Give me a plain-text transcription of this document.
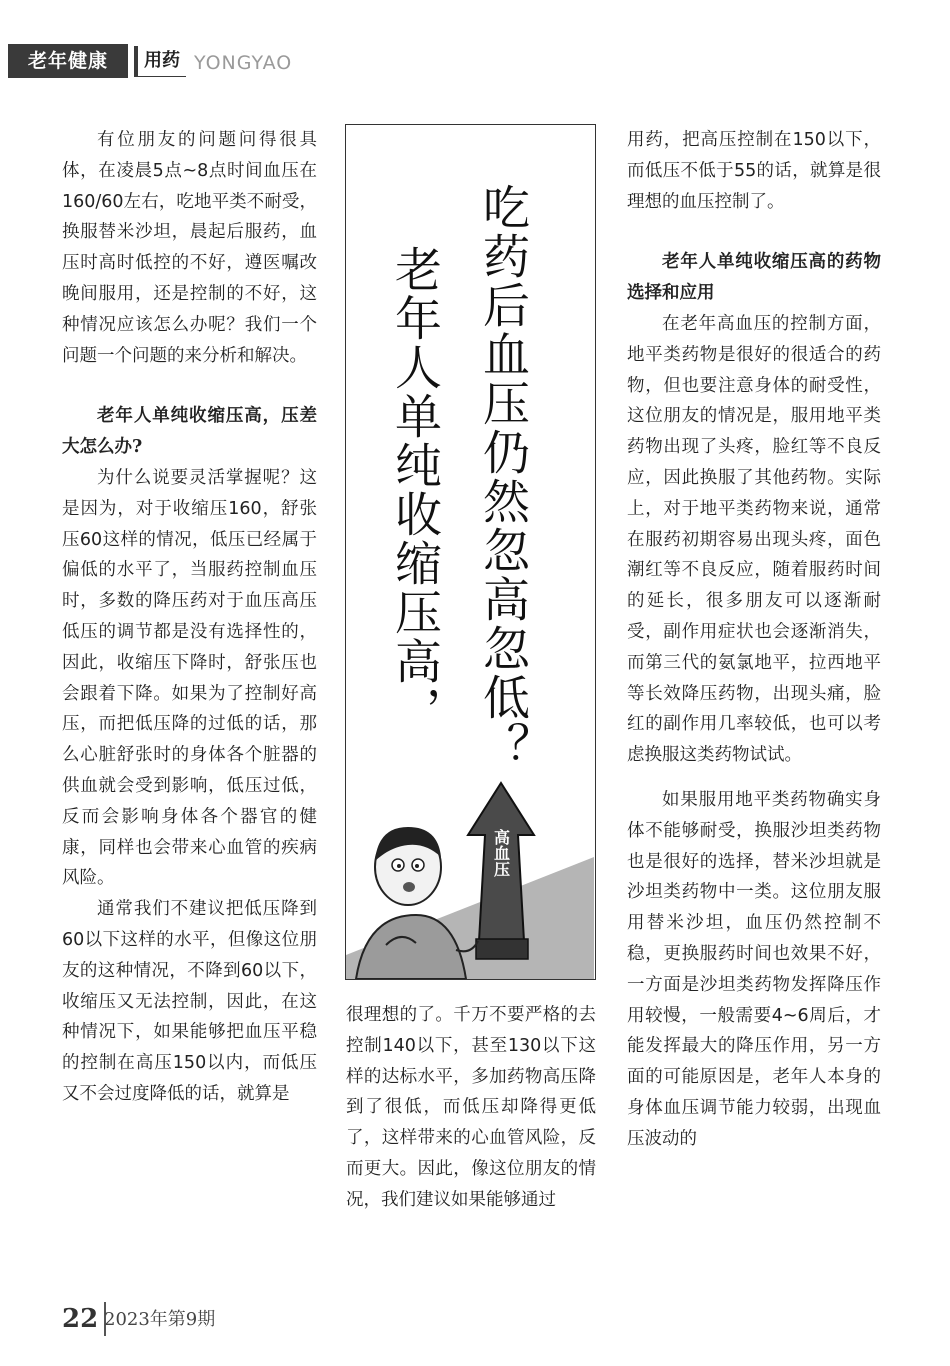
老年健康	用药 YONGYAO

有位朋友的问题问得很具体，在凌晨5点~8点时间血压在160/60左右，吃地平类不耐受，换服替米沙坦，晨起后服药，血压时高时低控的不好，遵医嘱改晚间服用，还是控制的不好，这种情况应该怎么办呢？我们一个问题一个问题的来分析和解决。

老年人单纯收缩压高，压差大怎么办?

为什么说要灵活掌握呢？这是因为，对于收缩压160，舒张压60这样的情况，低压已经属于偏低的水平了，当服药控制血压时，多数的降压药对于血压高压低压的调节都是没有选择性的，因此，收缩压下降时，舒张压也会跟着下降。如果为了控制好高压，而把低压降的过低的话，那么心脏舒张时的身体各个脏器的供血就会受到影响，低压过低，反而会影响身体各个器官的健康，同样也会带来心血管的疾病风险。

通常我们不建议把低压降到60以下这样的水平，但像这位朋友的这种情况，不降到60以下，收缩压又无法控制，因此，在这种情况下，如果能够把血压平稳的控制在高压150以内，而低压又不会过度降低的话，就算是

吃药后血压仍然忽高忽低？
老年人单纯收缩压高，
高血压

很理想的了。千万不要严格的去控制140以下，甚至130以下这样的达标水平，多加药物高压降到了很低，而低压却降得更低了，这样带来的心血管风险，反而更大。因此，像这位朋友的情况，我们建议如果能够通过

用药，把高压控制在150以下，而低压不低于55的话，就算是很理想的血压控制了。

老年人单纯收缩压高的药物选择和应用

在老年高血压的控制方面，地平类药物是很好的很适合的药物，但也要注意身体的耐受性，这位朋友的情况是，服用地平类药物出现了头疼，脸红等不良反应，因此换服了其他药物。实际上，对于地平类药物来说，通常在服药初期容易出现头疼，面色潮红等不良反应，随着服药时间的延长，很多朋友可以逐渐耐受，副作用症状也会逐渐消失，而第三代的氨氯地平，拉西地平等长效降压药物，出现头痛，脸红的副作用几率较低，也可以考虑换服这类药物试试。

如果服用地平类药物确实身体不能够耐受，换服沙坦类药物也是很好的选择，替米沙坦就是沙坦类药物中一类。这位朋友服用替米沙坦，血压仍然控制不稳，更换服药时间也效果不好，一方面是沙坦类药物发挥降压作用较慢，一般需要4~6周后，才能发挥最大的降压作用，另一方面的可能原因是，老年人本身的身体血压调节能力较弱，出现血压波动的

22 2023年第9期
